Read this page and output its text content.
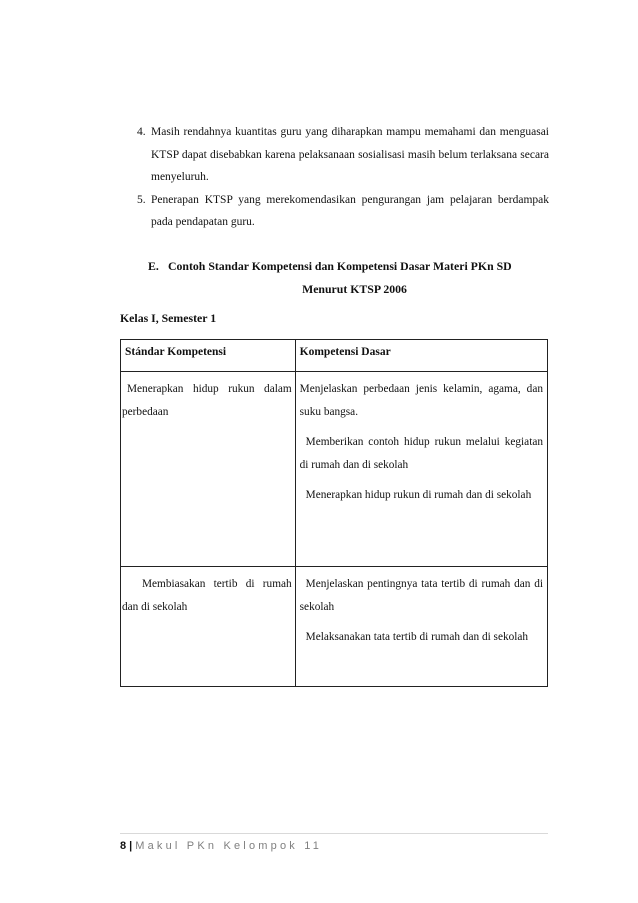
4. Masih rendahnya kuantitas guru yang diharapkan mampu memahami dan menguasai KTSP dapat disebabkan karena pelaksanaan sosialisasi masih belum terlaksana secara menyeluruh.
5. Penerapan KTSP yang merekomendasikan pengurangan jam pelajaran berdampak pada pendapatan guru.
E. Contoh Standar Kompetensi dan Kompetensi Dasar Materi PKn SD
Menurut KTSP 2006
Kelas I, Semester 1
Stándar Kompetensi	Kompetensi Dasar

Menerapkan hidup rukun dalam perbedaan	Menjelaskan perbedaan jenis kelamin, agama, dan suku bangsa.
Memberikan contoh hidup rukun melalui kegiatan di rumah dan di sekolah
Menerapkan hidup rukun di rumah dan di sekolah

Membiasakan tertib di rumah dan di sekolah	Menjelaskan pentingnya tata tertib di rumah dan di sekolah
Melaksanakan tata tertib di rumah dan di sekolah
8 | Makul PKn Kelompok 11
